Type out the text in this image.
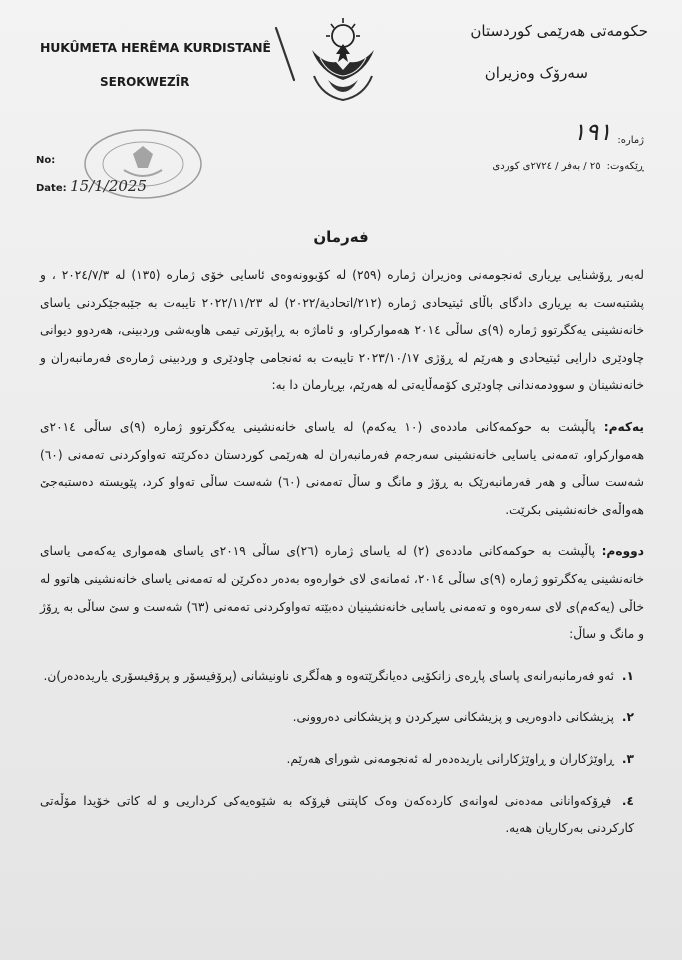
HUKÛMETA HERÊMA KURDISTANÊ
SEROKWEZÎR
حکومەتی هەرێمی کوردستان
سەرۆک وەزیران
No:
Date: 15/1/2025
ژمارە:
١٩١
ڕێکەوت:
٢٥ / بەفر / ٢٧٢٤ی کوردی
فەرمان

لەبەر ڕۆشنایی بڕیاری ئەنجومەنی وەزیران ژمارە (٢٥٩) لە کۆبوونەوەی ئاسایی خۆی ژمارە (١٣٥) لە ٢٠٢٤/٧/٣ ، و پشتبەست بە بڕیاری دادگای باڵای ئیتیحادی ژمارە (٢١٢/اتحادية/٢٠٢٢) لە ٢٠٢٢/١١/٢٣ تایبەت بە جێبەجێکردنی یاسای خانەنشینی یەکگرتوو ژمارە (٩)ی ساڵی ٢٠١٤ هەموارکراو، و ئاماژە بە ڕاپۆرتی تیمی هاوبەشی وردبینی، هەردوو دیوانی چاودێری دارایی ئیتیحادی و هەرێم لە ڕۆژی ٢٠٢٣/١٠/١٧ تایبەت بە ئەنجامی چاودێری و وردبینی ژمارەی فەرمانبەران و خانەنشینان و سوودمەندانی چاودێری کۆمەڵایەتی لە هەرێم، بڕیارمان دا بە:

یەکەم: پاڵپشت بە حوکمەکانی ماددەی (١٠ یەکەم) لە یاسای خانەنشینی یەکگرتوو ژمارە (٩)ی ساڵی ٢٠١٤ی هەموارکراو، تەمەنی یاسایی خانەنشینی سەرجەم فەرمانبەران لە هەرێمی کوردستان دەکرێتە تەواوکردنی تەمەنی (٦٠) شەست ساڵی و هەر فەرمانبەرێک بە ڕۆژ و مانگ و ساڵ تەمەنی (٦٠) شەست ساڵی تەواو کرد، پێویستە دەستبەجێ هەواڵەی خانەنشینی بکرێت.

دووەم: پاڵپشت بە حوکمەکانی ماددەی (٢) لە یاسای ژمارە (٢٦)ی ساڵی ٢٠١٩ی یاسای هەمواری یەکەمی یاسای خانەنشینی یەکگرتوو ژمارە (٩)ی ساڵی ٢٠١٤، ئەمانەی لای خوارەوە بەدەر دەکرێن لە تەمەنی یاسای خانەنشینی هاتوو لە خاڵی (یەکەم)ی لای سەرەوە و تەمەنی یاسایی خانەنشینیان دەبێتە تەواوکردنی تەمەنی (٦٣) شەست و سێ ساڵی بە ڕۆژ و مانگ و ساڵ:

١. ئەو فەرمانبەرانەی پاسای پاڕەی زانکۆیی دەیانگرێتەوە و هەڵگری ناونیشانی (پرۆفیسۆر و پرۆفیسۆری یاریدەدەر)ن.

٢. پزیشکانی دادوەریی و پزیشکانی سڕکردن و پزیشکانی دەروونی.

٣. ڕاوێژکاران و ڕاوێژکارانی یاریدەدەر لە ئەنجومەنی شورای هەرێم.

٤. فڕۆکەوانانی مەدەنی لەوانەی کاردەکەن وەک کاپتنی فڕۆکە بە شێوەیەکی کرداریی و لە کاتی خۆیدا مۆڵەتی کارکردنی بەرکاریان هەیە.
